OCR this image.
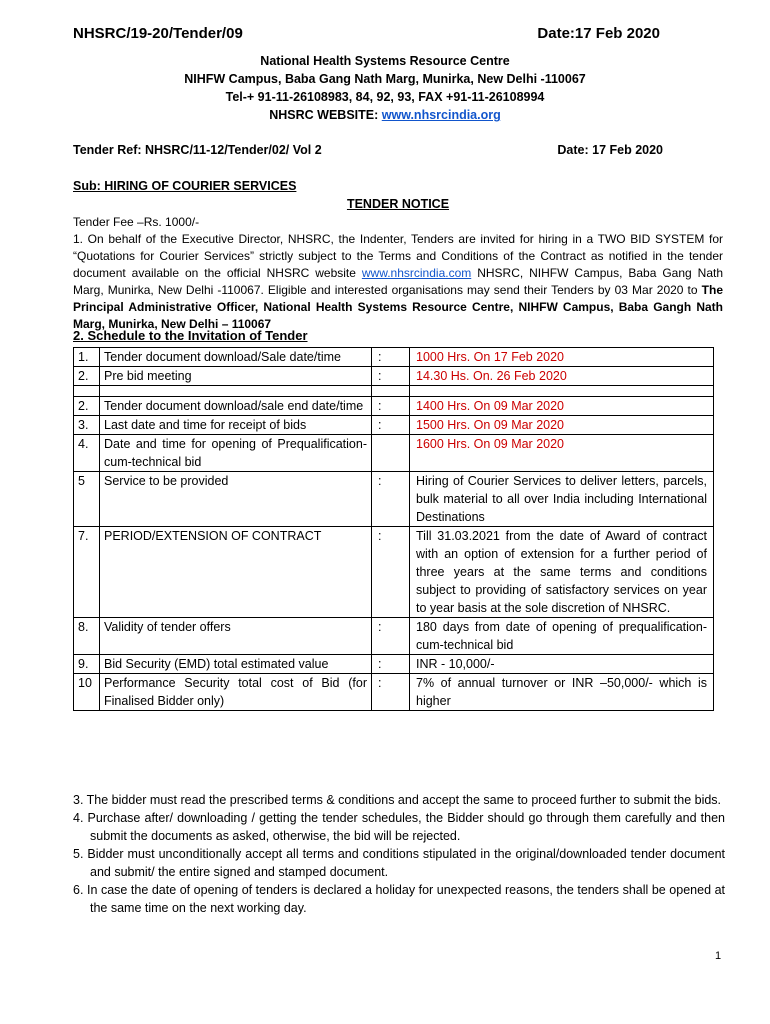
NHSRC/19-20/Tender/09	Date:17 Feb 2020
National Health Systems Resource Centre
NIHFW Campus, Baba Gang Nath Marg, Munirka, New Delhi -110067
Tel-+ 91-11-26108983, 84, 92, 93, FAX +91-11-26108994
NHSRC WEBSITE: www.nhsrcindia.org
Tender Ref: NHSRC/11-12/Tender/02/ Vol 2	Date: 17 Feb 2020
Sub: HIRING OF COURIER SERVICES
TENDER NOTICE
Tender Fee –Rs. 1000/-
1. On behalf of the Executive Director, NHSRC, the Indenter, Tenders are invited for hiring in a TWO BID SYSTEM for “Quotations for Courier Services” strictly subject to the Terms and Conditions of the Contract as notified in the tender document available on the official NHSRC website www.nhsrcindia.com NHSRC, NIHFW Campus, Baba Gang Nath Marg, Munirka, New Delhi -110067. Eligible and interested organisations may send their Tenders by 03 Mar 2020 to The Principal Administrative Officer, National Health Systems Resource Centre, NIHFW Campus, Baba Gangh Nath Marg, Munirka, New Delhi – 110067
2. Schedule to the Invitation of Tender
1.	Tender document download/Sale date/time	:	1000 Hrs. On 17 Feb 2020
2.	Pre bid meeting	:	14.30 Hs. On. 26 Feb 2020

2.	Tender document download/sale end date/time	:	1400 Hrs. On 09 Mar 2020
3.	Last date and time for receipt of bids	:	1500 Hrs. On 09 Mar 2020
4.	Date and time for opening of Prequalification- cum-technical bid		1600 Hrs. On 09 Mar 2020
5	Service to be provided	:	Hiring of Courier Services to deliver letters, parcels, bulk material to all over India including International Destinations
7.	PERIOD/EXTENSION OF CONTRACT	:	Till 31.03.2021 from the date of Award of contract with an option of extension for a further period of three years at the same terms and conditions subject to providing of satisfactory services on year to year basis at the sole discretion of NHSRC.
8.	Validity of tender offers	:	180 days from date of opening of prequalification- cum-technical bid
9.	Bid Security (EMD) total estimated value	:	INR - 10,000/-
10	Performance Security total cost of Bid (for Finalised Bidder only)	:	7% of annual turnover or INR –50,000/- which is higher

3. The bidder must read the prescribed terms & conditions and accept the same to proceed further to submit the bids.

4. Purchase after/ downloading / getting the tender schedules, the Bidder should go through them carefully and then submit the documents as asked, otherwise, the bid will be rejected.

5. Bidder must unconditionally accept all terms and conditions stipulated in the original/downloaded tender document and submit/ the entire signed and stamped document.

6. In case the date of opening of tenders is declared a holiday for unexpected reasons, the tenders shall be opened at the same time on the next working day.

1
